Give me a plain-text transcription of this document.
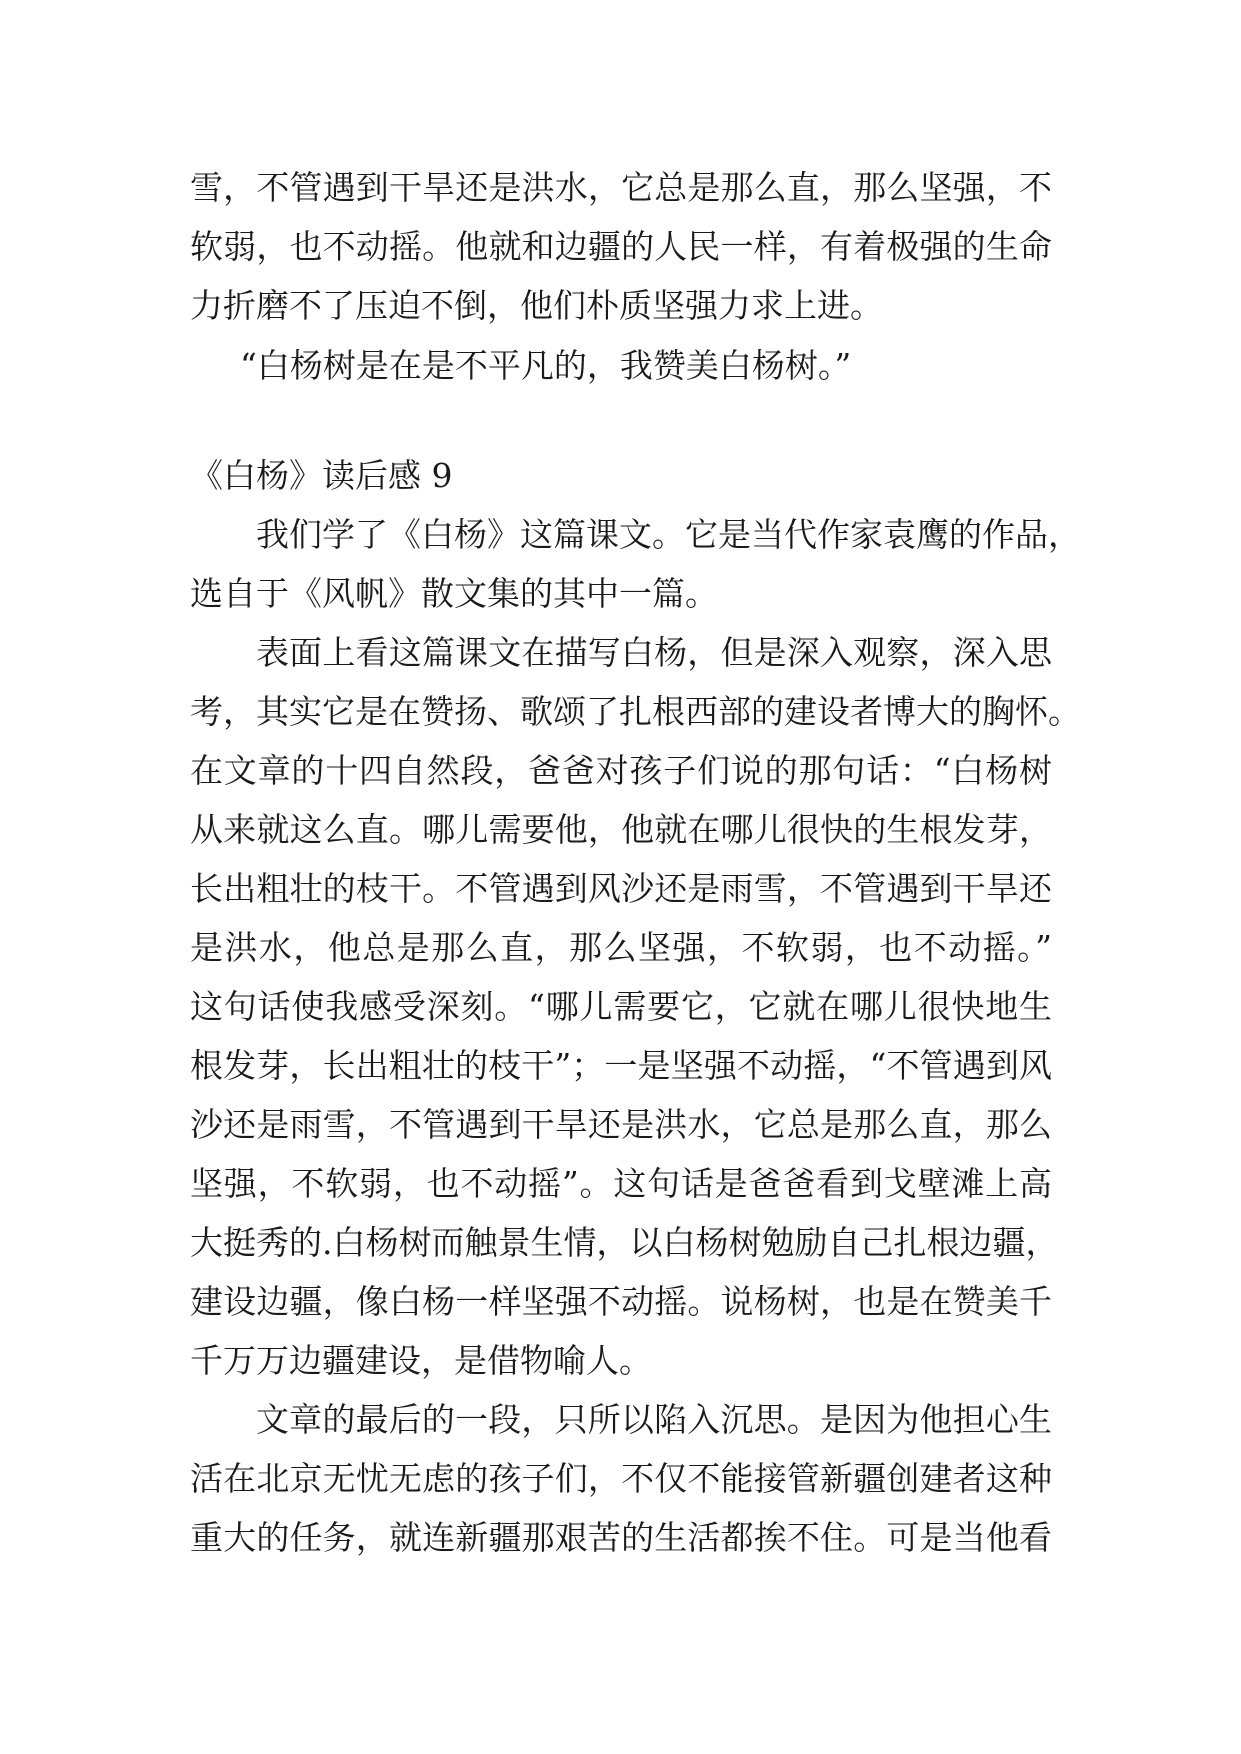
雪，不管遇到干旱还是洪水，它总是那么直，那么坚强，不
软弱，也不动摇。他就和边疆的人民一样，有着极强的生命
力折磨不了压迫不倒，他们朴质坚强力求上进。
“白杨树是在是不平凡的，我赞美白杨树。”
《白杨》读后感 9
我们学了《白杨》这篇课文。它是当代作家袁鹰的作品，
选自于《风帆》散文集的其中一篇。
表面上看这篇课文在描写白杨，但是深入观察，深入思
考，其实它是在赞扬、歌颂了扎根西部的建设者博大的胸怀。
在文章的十四自然段，爸爸对孩子们说的那句话：“白杨树
从来就这么直。哪儿需要他，他就在哪儿很快的生根发芽，
长出粗壮的枝干。不管遇到风沙还是雨雪，不管遇到干旱还
是洪水，他总是那么直，那么坚强，不软弱，也不动摇。”
这句话使我感受深刻。“哪儿需要它，它就在哪儿很快地生
根发芽，长出粗壮的枝干”；一是坚强不动摇，“不管遇到风
沙还是雨雪，不管遇到干旱还是洪水，它总是那么直，那么
坚强，不软弱，也不动摇”。这句话是爸爸看到戈壁滩上高
大挺秀的.白杨树而触景生情，以白杨树勉励自己扎根边疆，
建设边疆，像白杨一样坚强不动摇。说杨树，也是在赞美千
千万万边疆建设，是借物喻人。
文章的最后的一段，只所以陷入沉思。是因为他担心生
活在北京无忧无虑的孩子们，不仅不能接管新疆创建者这种
重大的任务，就连新疆那艰苦的生活都挨不住。可是当他看
